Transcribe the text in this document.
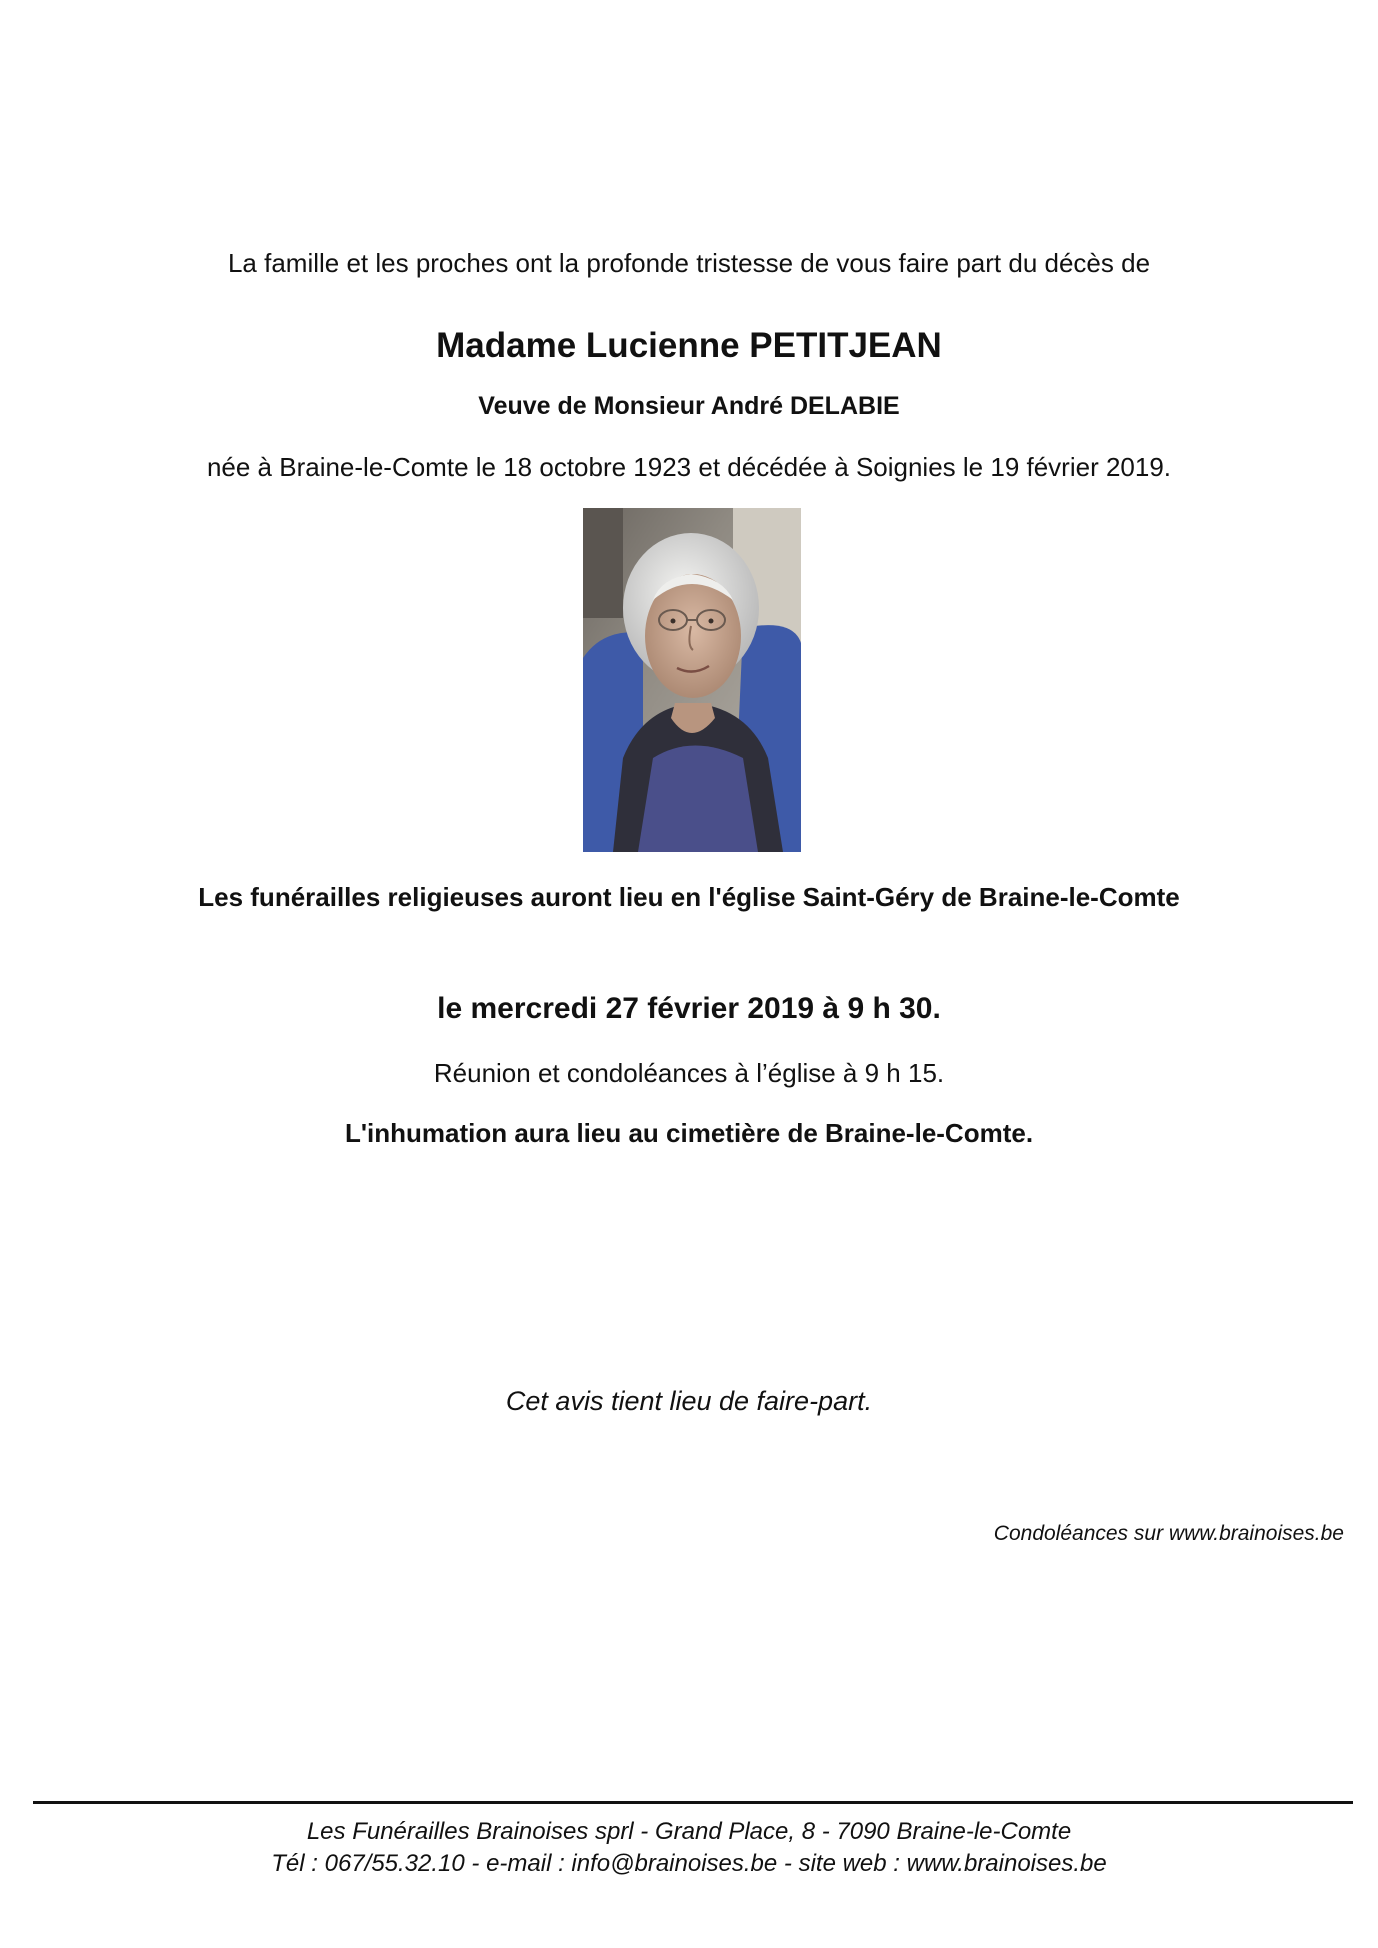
La famille et les proches ont la profonde tristesse de vous faire part du décès de
Madame Lucienne PETITJEAN
Veuve de Monsieur André DELABIE
née à Braine-le-Comte le 18 octobre 1923 et décédée à Soignies le 19 février 2019.
Les funérailles religieuses auront lieu en l'église Saint-Géry de Braine-le-Comte
le mercredi 27 février 2019 à 9 h 30.
Réunion et condoléances à l’église à 9 h 15.
L'inhumation aura lieu au cimetière de Braine-le-Comte.
Cet avis tient lieu de faire-part.
Condoléances sur www.brainoises.be
Les Funérailles Brainoises sprl - Grand Place, 8 - 7090 Braine-le-Comte
Tél : 067/55.32.10 - e-mail : info@brainoises.be - site web : www.brainoises.be
